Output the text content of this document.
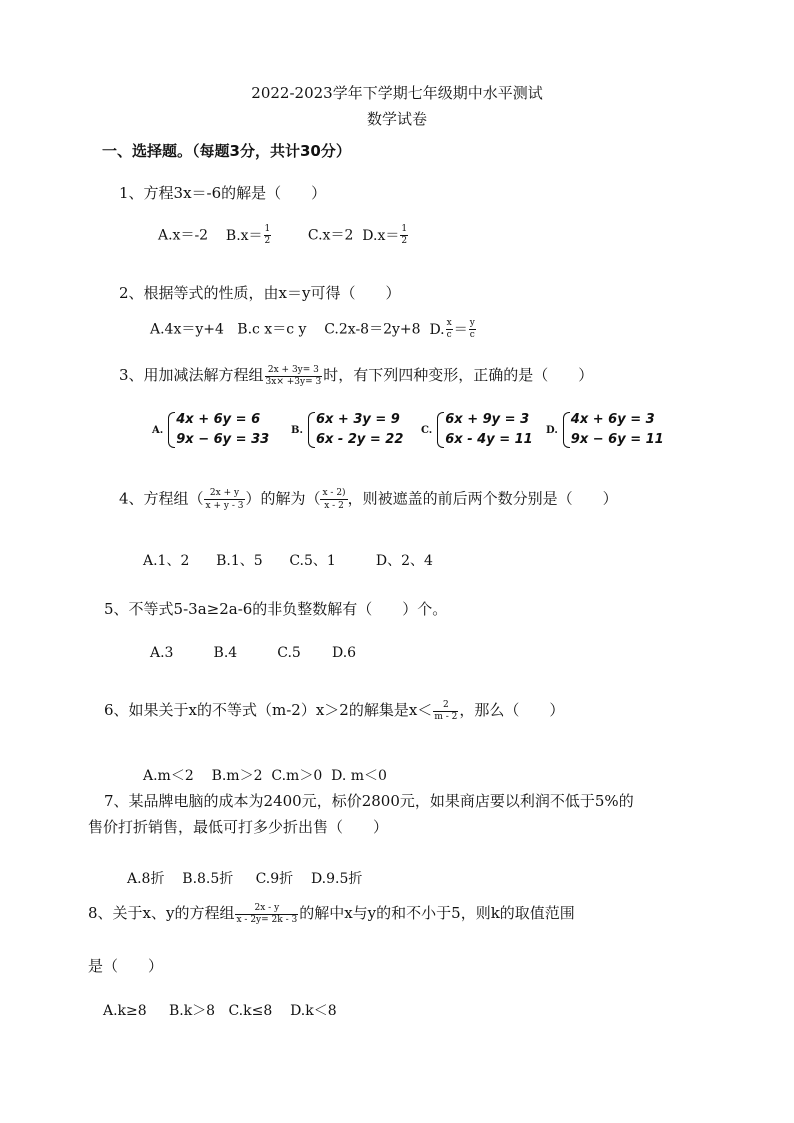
2022-2023学年下学期七年级期中水平测试
数学试卷
一、选择题。（每题3分，共计30分）
1、方程3x＝-6的解是（　　）
A.x＝-2 $B.x= \frac{1}{2}$	C.x＝2 $D.x= \frac{1}{2}$
2、根据等式的性质，由x＝y可得（　　）
A.4x＝y+4 B.c x＝c y C.2x-8＝2y+8 D. $\frac{x}{c} = \frac{y}{c}$
3、用加减法解方程组 $\frac{2x + 3y= 3}{3x\times +3y= 3}$ 时，有下列四种变形，正确的是（　　）
A.
4x + 6y = 6
9x − 6y = 33
B.
6x + 3y = 9
6x - 2y = 22
C.
6x + 9y = 3
6x - 4y = 11
D.
4x + 6y = 3
9x − 6y = 11
4、方程组（ $\frac{2x + y}{x + y - 3}$ ）的解为（ $\frac{x - 2)}{x - 2}$ ，则被遮盖的前后两个数分别是（　　）
A.1、2 B.1、5 C.5、1	D、2、4
5、不等式5-3a≥2a-6的非负整数解有（　　）个。
A.3	B.4	C.5 D.6
6、如果关于x的不等式（m-2）x＞2的解集是$x< \frac{2}{m - 2}$ ，那么（　　）
A.m＜2 B.m＞2 C.m＞0 D. m＜0
7、某品牌电脑的成本为2400元，标价2800元，如果商店要以利润不低于5%的
售价打折销售，最低可打多少折出售（　　）
A.8折 B.8.5折 C.9折 D.9.5折
8、关于x、y的方程组 $\frac{2x - y}{x - 2y= 2k - 3}$ 的解中x与y的和不小于5，则k的取值范围
是（　　）
A.k≥8 B.k＞8 C.k≤8 D.k＜8
